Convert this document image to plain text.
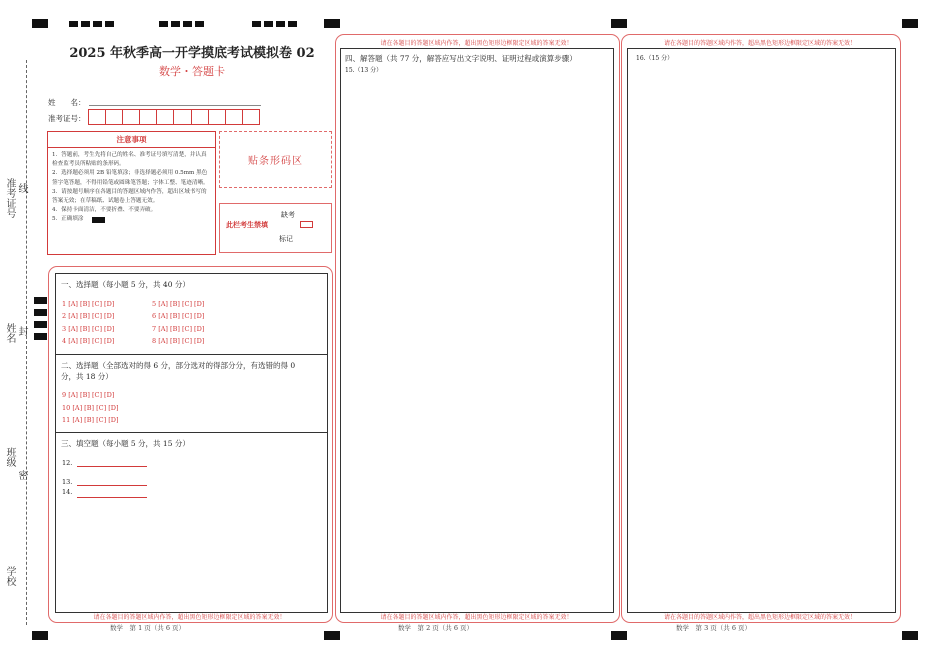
准考证号 线
姓名 封
班级
密
学校
2025 年秋季高一开学摸底考试模拟卷 02
数学・答题卡
姓　　名：
准考证号：
注意事项
1．答题前，考生先将自己的姓名、准考证号填写清楚，并认真检查监考员所粘贴的条形码。
2．选择题必须用 2B 铅笔填涂；非选择题必须用 0.5mm 黑色签字笔答题，不得用铅笔或圆珠笔答题；字体工整、笔迹清晰。
3．请按题号顺序在各题目的答题区域内作答，超出区域书写的答案无效；在草稿纸、试题卷上答题无效。
4．保持卡面清洁，不要折叠、不要弄破。
5．正确填涂
贴条形码区
此栏考生禁填
缺考
标记
一、选择题（每小题 5 分，共 40 分）
1 [A] [B] [C] [D]
2 [A] [B] [C] [D]
3 [A] [B] [C] [D]
4 [A] [B] [C] [D]
5 [A] [B] [C] [D]
6 [A] [B] [C] [D]
7 [A] [B] [C] [D]
8 [A] [B] [C] [D]
二、选择题（全部选对的得 6 分，部分选对的得部分分，有选错的得 0
分，共 18 分）
9 [A] [B] [C] [D]
10 [A] [B] [C] [D]
11 [A] [B] [C] [D]
三、填空题（每小题 5 分，共 15 分）
12.
13.
14.
请在各题目的答题区域内作答，超出黑色矩形边框限定区域的答案无效！
请在各题目的答题区域内作答，超出黑色矩形边框限定区域的答案无效！
四、解答题（共 77 分，解答应写出文字说明、证明过程或演算步骤）
15.（13 分）
请在各题目的答题区域内作答，超出黑色矩形边框限定区域的答案无效！
请在各题目的答题区域内作答，超出黑色矩形边框限定区域的答案无效！
16.（15 分）
请在各题目的答题区域内作答，超出黑色矩形边框限定区域的答案无效！
数学　第 1 页（共 6 页）	数学　第 2 页（共 6 页）	数学　第 3 页（共 6 页）
